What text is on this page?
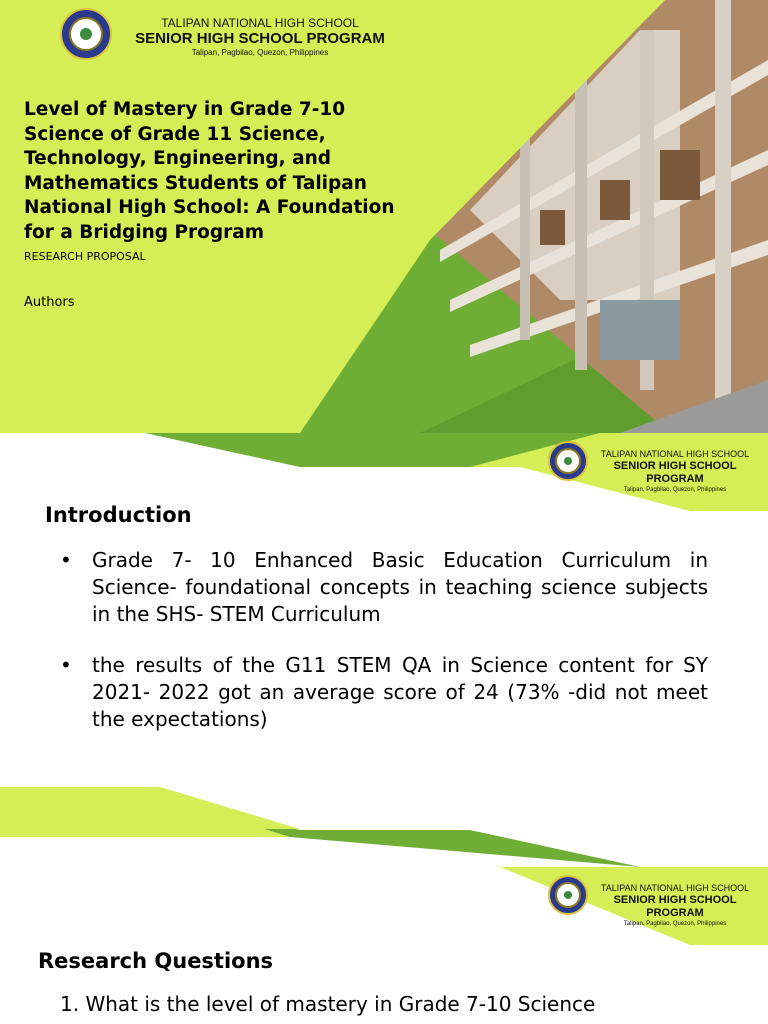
TALIPAN NATIONAL HIGH SCHOOL
SENIOR HIGH SCHOOL PROGRAM
Talipan, Pagbilao, Quezon, Philippines
Level of Mastery in Grade 7-10 Science of Grade 11 Science, Technology, Engineering, and Mathematics Students of Talipan National High School: A Foundation for a Bridging Program
RESEARCH PROPOSAL
Authors
TALIPAN NATIONAL HIGH SCHOOL
SENIOR HIGH SCHOOL PROGRAM
Talipan, Pagbilao, Quezon, Philippines
Introduction
• Grade 7- 10 Enhanced Basic Education Curriculum in Science- foundational concepts in teaching science subjects in the SHS- STEM Curriculum
• the results of the G11 STEM QA in Science content for SY 2021- 2022 got an average score of 24 (73% -did not meet the expectations)
TALIPAN NATIONAL HIGH SCHOOL
SENIOR HIGH SCHOOL PROGRAM
Talipan, Pagbilao, Quezon, Philippines
Research Questions
1. What is the level of mastery in Grade 7-10 Science
